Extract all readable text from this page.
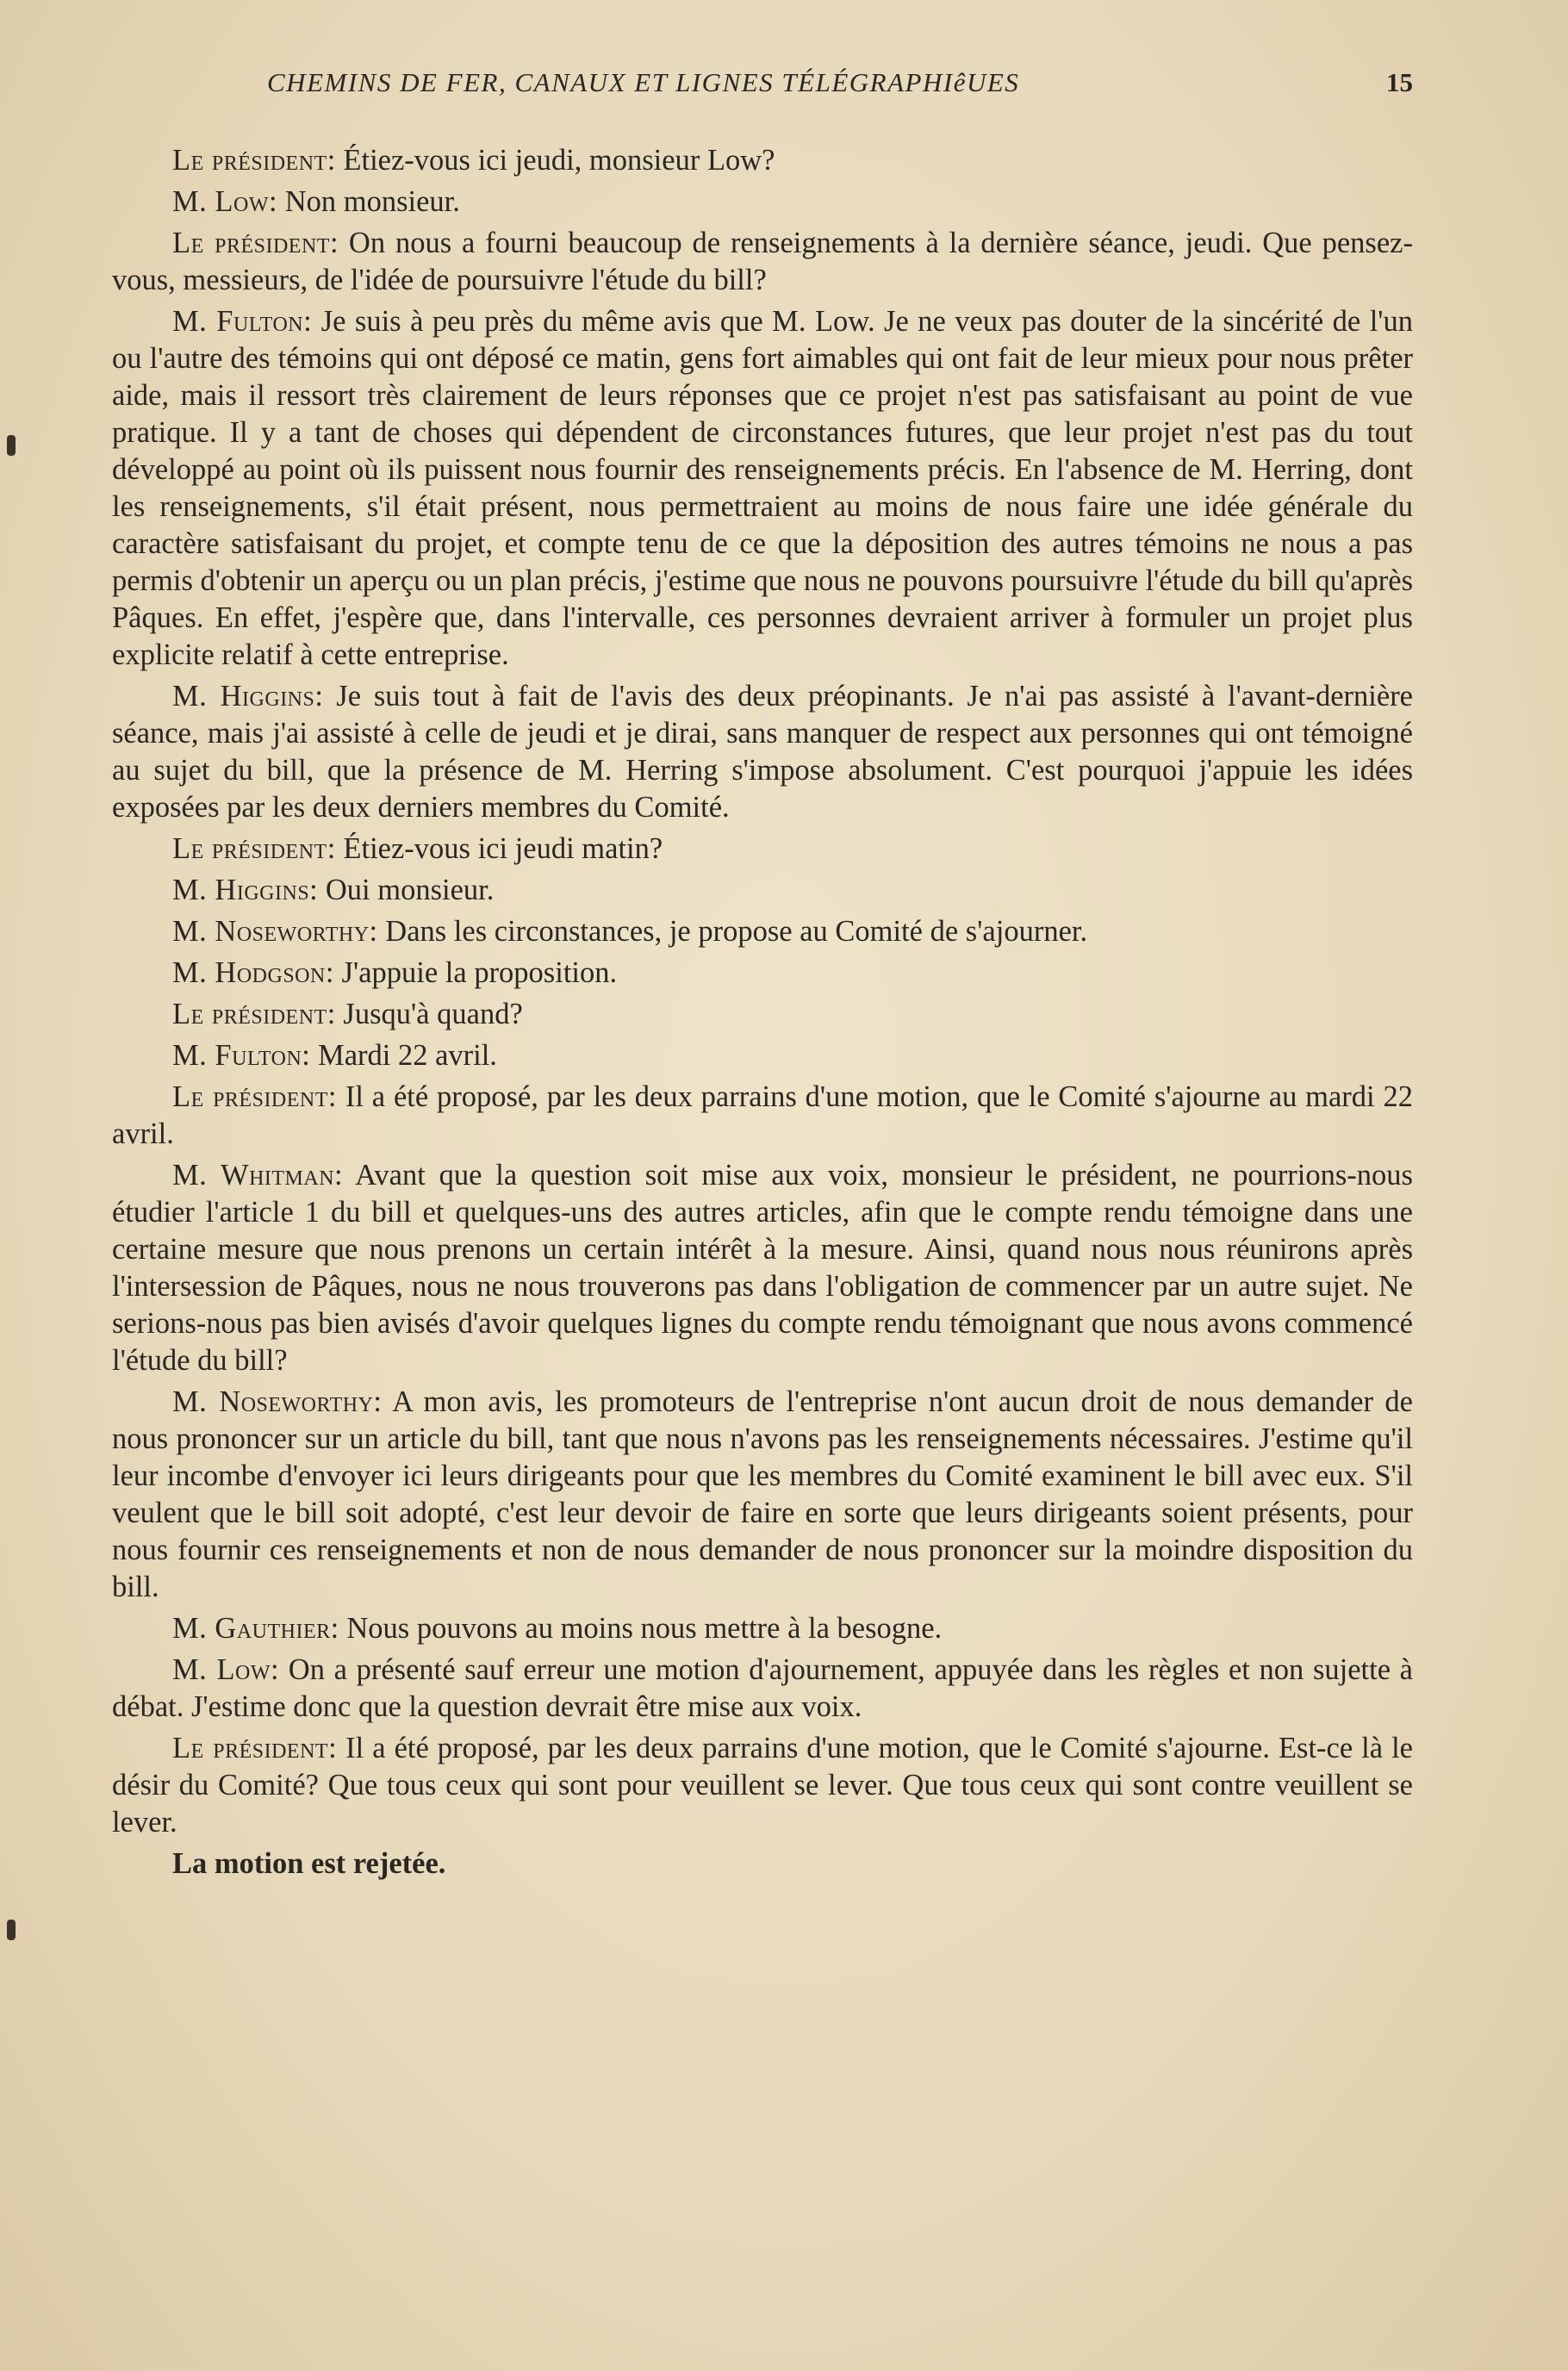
CHEMINS DE FER, CANAUX ET LIGNES TÉLÉGRAPHIêUES	15

Le président: Étiez-vous ici jeudi, monsieur Low?

M. Low: Non monsieur.

Le président: On nous a fourni beaucoup de renseignements à la dernière séance, jeudi. Que pensez-vous, messieurs, de l'idée de poursuivre l'étude du bill?

M. Fulton: Je suis à peu près du même avis que M. Low. Je ne veux pas douter de la sincérité de l'un ou l'autre des témoins qui ont déposé ce matin, gens fort aimables qui ont fait de leur mieux pour nous prêter aide, mais il ressort très clairement de leurs réponses que ce projet n'est pas satisfaisant au point de vue pratique. Il y a tant de choses qui dépendent de circonstances futures, que leur projet n'est pas du tout développé au point où ils puissent nous fournir des renseignements précis. En l'absence de M. Herring, dont les renseignements, s'il était présent, nous permettraient au moins de nous faire une idée générale du caractère satisfaisant du projet, et compte tenu de ce que la déposition des autres témoins ne nous a pas permis d'obtenir un aperçu ou un plan précis, j'estime que nous ne pouvons poursuivre l'étude du bill qu'après Pâques. En effet, j'espère que, dans l'intervalle, ces personnes devraient arriver à formuler un projet plus explicite relatif à cette entreprise.

M. Higgins: Je suis tout à fait de l'avis des deux préopinants. Je n'ai pas assisté à l'avant-dernière séance, mais j'ai assisté à celle de jeudi et je dirai, sans manquer de respect aux personnes qui ont témoigné au sujet du bill, que la présence de M. Herring s'impose absolument. C'est pourquoi j'appuie les idées exposées par les deux derniers membres du Comité.

Le président: Étiez-vous ici jeudi matin?

M. Higgins: Oui monsieur.

M. Noseworthy: Dans les circonstances, je propose au Comité de s'ajourner.

M. Hodgson: J'appuie la proposition.

Le président: Jusqu'à quand?

M. Fulton: Mardi 22 avril.

Le président: Il a été proposé, par les deux parrains d'une motion, que le Comité s'ajourne au mardi 22 avril.

M. Whitman: Avant que la question soit mise aux voix, monsieur le président, ne pourrions-nous étudier l'article 1 du bill et quelques-uns des autres articles, afin que le compte rendu témoigne dans une certaine mesure que nous prenons un certain intérêt à la mesure. Ainsi, quand nous nous réunirons après l'intersession de Pâques, nous ne nous trouverons pas dans l'obligation de commencer par un autre sujet. Ne serions-nous pas bien avisés d'avoir quelques lignes du compte rendu témoignant que nous avons commencé l'étude du bill?

M. Noseworthy: A mon avis, les promoteurs de l'entreprise n'ont aucun droit de nous demander de nous prononcer sur un article du bill, tant que nous n'avons pas les renseignements nécessaires. J'estime qu'il leur incombe d'envoyer ici leurs dirigeants pour que les membres du Comité examinent le bill avec eux. S'il veulent que le bill soit adopté, c'est leur devoir de faire en sorte que leurs dirigeants soient présents, pour nous fournir ces renseignements et non de nous demander de nous prononcer sur la moindre disposition du bill.

M. Gauthier: Nous pouvons au moins nous mettre à la besogne.

M. Low: On a présenté sauf erreur une motion d'ajournement, appuyée dans les règles et non sujette à débat. J'estime donc que la question devrait être mise aux voix.

Le président: Il a été proposé, par les deux parrains d'une motion, que le Comité s'ajourne. Est-ce là le désir du Comité? Que tous ceux qui sont pour veuillent se lever. Que tous ceux qui sont contre veuillent se lever.

La motion est rejetée.
